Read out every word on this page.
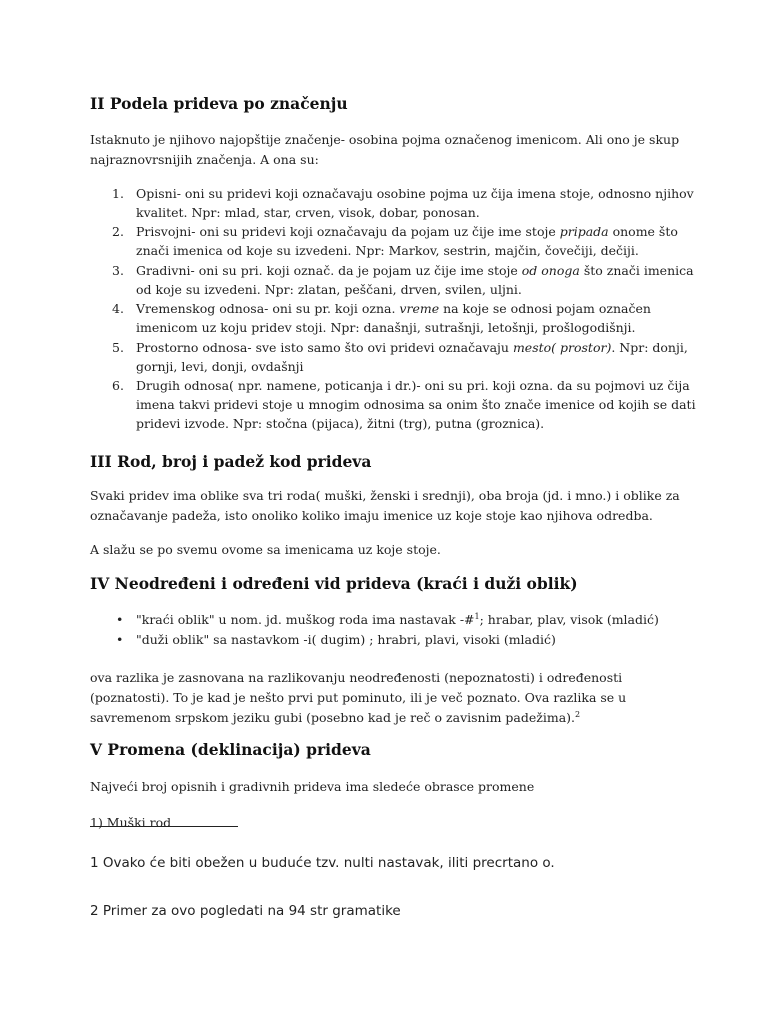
II Podela prideva po značenju
Istaknuto je njihovo najopštije značenje- osobina pojma označenog imenicom. Ali ono je skup
najraznovrsnijih značenja. A ona su:
1. Opisni- oni su pridevi koji označavaju osobine pojma uz čija imena stoje, odnosno njihov
kvalitet. Npr: mlad, star, crven, visok, dobar, ponosan.
2. Prisvojni- oni su pridevi koji označavaju da pojam uz čije ime stoje pripada onome što
znači imenica od koje su izvedeni. Npr: Markov, sestrin, majčin, čovečiji, dečiji.
3. Gradivni- oni su pri. koji označ. da je pojam uz čije ime stoje od onoga što znači imenica
od koje su izvedeni. Npr: zlatan, peščani, drven, svilen, uljni.
4. Vremenskog odnosa- oni su pr. koji ozna. vreme na koje se odnosi pojam označen
imenicom uz koju pridev stoji. Npr: današnji, sutrašnji, letošnji, prošlogodišnji.
5. Prostorno odnosa- sve isto samo što ovi pridevi označavaju mesto( prostor). Npr: donji,
gornji, levi, donji, ovdašnji
6. Drugih odnosa( npr. namene, poticanja i dr.)- oni su pri. koji ozna. da su pojmovi uz čija
imena takvi pridevi stoje u mnogim odnosima sa onim što znače imenice od kojih se dati
pridevi izvode. Npr: stočna (pijaca), žitni (trg), putna (groznica).
III Rod, broj i padež kod prideva
Svaki pridev ima oblike sva tri roda( muški, ženski i srednji), oba broja (jd. i mno.) i oblike za
označavanje padeža, isto onoliko koliko imaju imenice uz koje stoje kao njihova odredba.
A slažu se po svemu ovome sa imenicama uz koje stoje.
IV Neodređeni i određeni vid prideva (kraći i duži oblik)
• "kraći oblik" u nom. jd. muškog roda ima nastavak -#$^1$; hrabar, plav, visok (mladić)
• "duži oblik" sa nastavkom -i( dugim) ; hrabri, plavi, visoki (mladić)
ova razlika je zasnovana na razlikovanju neodređenosti (nepoznatosti) i određenosti
(poznatosti). To je kad je nešto prvi put pominuto, ili je več poznato. Ova razlika se u
savremenom srpskom jeziku gubi (posebno kad je reč o zavisnim padežima).$^2$
V Promena (deklinacija) prideva
Najveći broj opisnih i gradivnih prideva ima sledeće obrasce promene
1) Muški rod
1 Ovako će biti obežen u buduće tzv. nulti nastavak, iliti precrtano o.
2 Primer za ovo pogledati na 94 str gramatike
